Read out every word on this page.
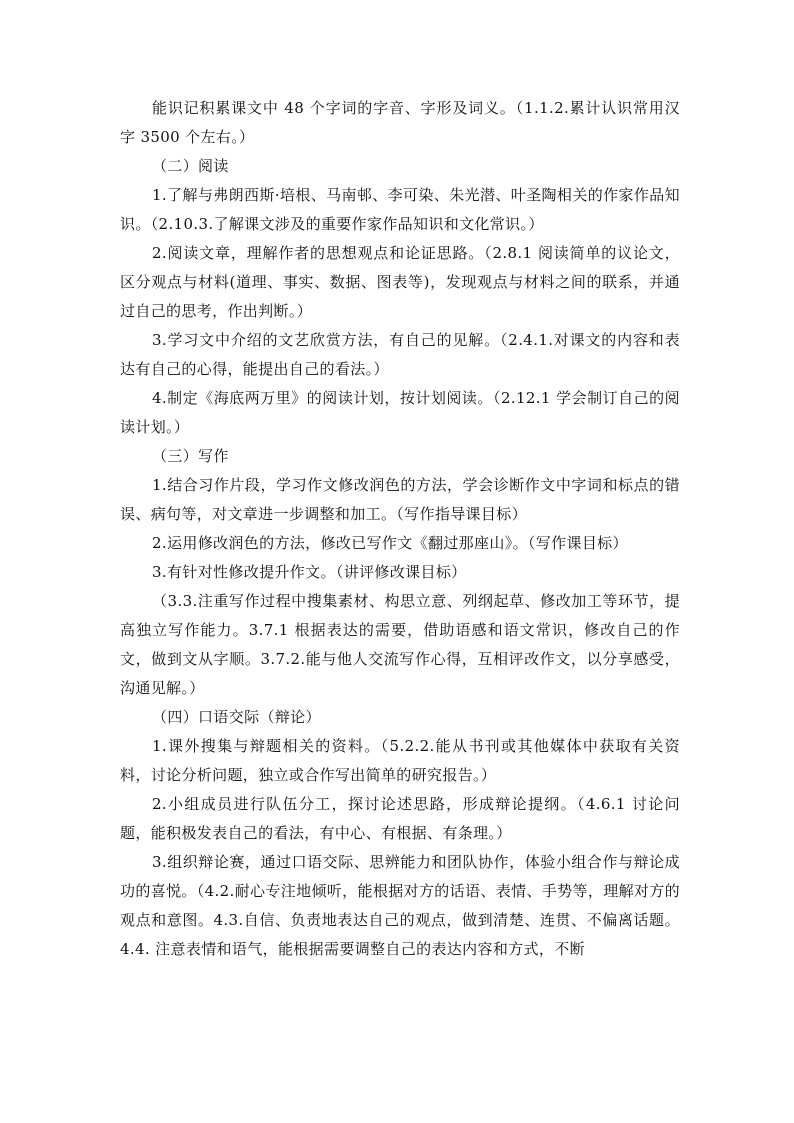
能识记积累课文中 48 个字词的字音、字形及词义。（1.1.2.累计认识常用汉字 3500 个左右。）

（二）阅读

1.了解与弗朗西斯·培根、马南邨、李可染、朱光潜、叶圣陶相关的作家作品知识。（2.10.3.了解课文涉及的重要作家作品知识和文化常识。）

2.阅读文章，理解作者的思想观点和论证思路。（2.8.1 阅读简单的议论文，区分观点与材料(道理、事实、数据、图表等)，发现观点与材料之间的联系，并通过自己的思考，作出判断。）

3.学习文中介绍的文艺欣赏方法，有自己的见解。（2.4.1.对课文的内容和表达有自己的心得，能提出自己的看法。）

4.制定《海底两万里》的阅读计划，按计划阅读。（2.12.1 学会制订自己的阅读计划。）

（三）写作

1.结合习作片段，学习作文修改润色的方法，学会诊断作文中字词和标点的错误、病句等，对文章进一步调整和加工。（写作指导课目标）

2.运用修改润色的方法，修改已写作文《翻过那座山》。（写作课目标）

3.有针对性修改提升作文。（讲评修改课目标）

（3.3.注重写作过程中搜集素材、构思立意、列纲起草、修改加工等环节，提高独立写作能力。3.7.1 根据表达的需要，借助语感和语文常识，修改自己的作文，做到文从字顺。3.7.2.能与他人交流写作心得，互相评改作文，以分享感受，沟通见解。）

（四）口语交际（辩论）

1.课外搜集与辩题相关的资料。（5.2.2.能从书刊或其他媒体中获取有关资料，讨论分析问题，独立或合作写出简单的研究报告。）

2.小组成员进行队伍分工，探讨论述思路，形成辩论提纲。（4.6.1 讨论问题，能积极发表自己的看法，有中心、有根据、有条理。）

3.组织辩论赛，通过口语交际、思辨能力和团队协作，体验小组合作与辩论成功的喜悦。（4.2.耐心专注地倾听，能根据对方的话语、表情、手势等，理解对方的观点和意图。4.3.自信、负责地表达自己的观点，做到清楚、连贯、不偏离话题。4.4. 注意表情和语气，能根据需要调整自己的表达内容和方式，不断
